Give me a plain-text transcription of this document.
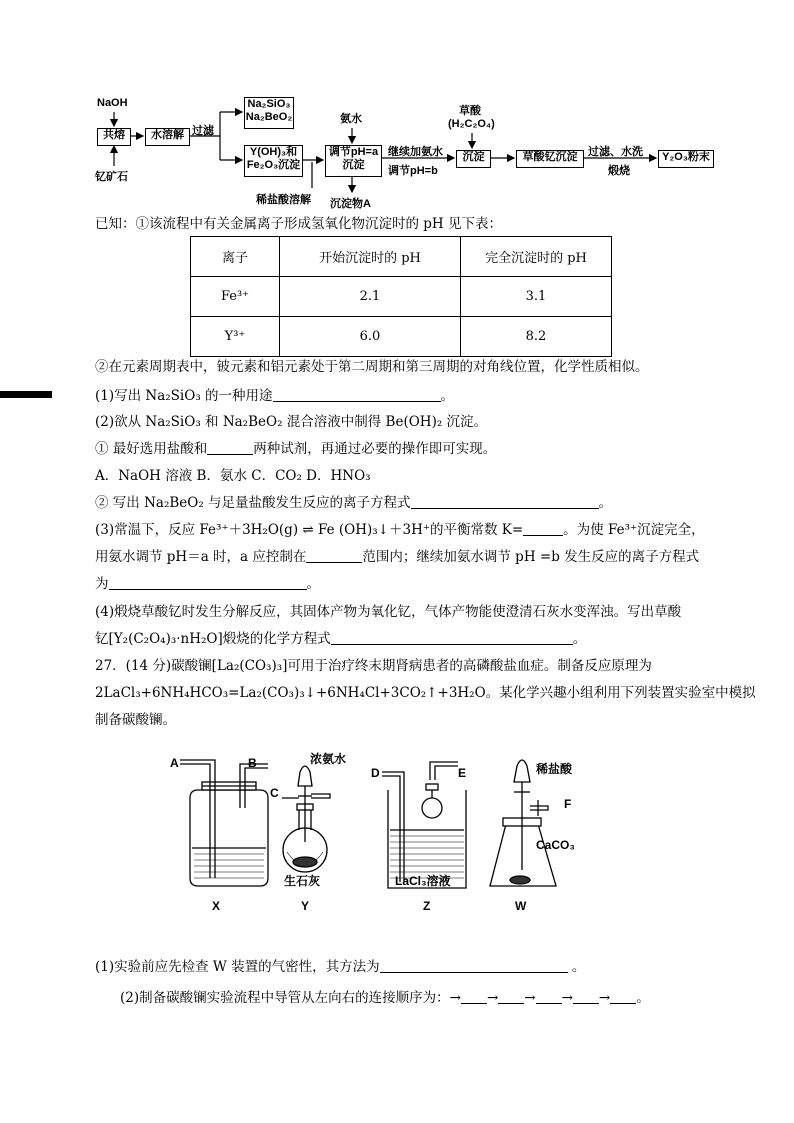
NaOH
共熔
钇矿石
水溶解 过滤
Na₂SiO₃
Na₂BeO₂
Y(OH)₃和
Fe₂O₃沉淀
稀盐酸溶解
氨水
调节pH=a
沉淀
沉淀物A
继续加氨水
调节pH=b
草酸
(H₂C₂O₄)
沉淀	草酸钇沉淀 过滤、水洗
煅烧
Y₂O₃粉末
已知：①该流程中有关金属离子形成氢氧化物沉淀时的 pH 见下表：
离子	开始沉淀时的 pH	完全沉淀时的 pH
Fe³⁺	2.1	3.1
Y³⁺	6.0	8.2
②在元素周期表中，铍元素和铝元素处于第二周期和第三周期的对角线位置，化学性质相似。
(1)写出 Na₂SiO₃ 的一种用途	。
(2)欲从 Na₂SiO₃ 和 Na₂BeO₂ 混合溶液中制得 Be(OH)₂ 沉淀。
① 最好选用盐酸和	两种试剂，再通过必要的操作即可实现。
A．NaOH 溶液 B．氨水 C．CO₂ D．HNO₃
② 写出 Na₂BeO₂ 与足量盐酸发生反应的离子方程式	。
(3)常温下，反应 Fe³⁺＋3H₂O(g) ⇌ Fe (OH)₃↓＋3H⁺的平衡常数 K=	。为使 Fe³⁺沉淀完全，
用氨水调节 pH＝a 时，a 应控制在	范围内；继续加氨水调节 pH =b 发生反应的离子方程式
为	。
(4)煅烧草酸钇时发生分解反应，其固体产物为氧化钇，气体产物能使澄清石灰水变浑浊。写出草酸
钇[Y₂(C₂O₄)₃·nH₂O]煅烧的化学方程式	。
27．(14 分)碳酸镧[La₂(CO₃)₃]可用于治疗终末期肾病患者的高磷酸盐血症。制备反应原理为
2LaCl₃+6NH₄HCO₃=La₂(CO₃)₃↓+6NH₄Cl+3CO₂↑+3H₂O。某化学兴趣小组利用下列装置实验室中模拟
制备碳酸镧。
A	B
C
浓氨水
生石灰
D	E
LaCl₃溶液
稀盐酸
F
CaCO₃
X	Y	Z	W
(1)实验前应先检查 W 装置的气密性，其方法为	。
(2)制备碳酸镧实验流程中导管从左向右的连接顺序为：→ → → → → 。
